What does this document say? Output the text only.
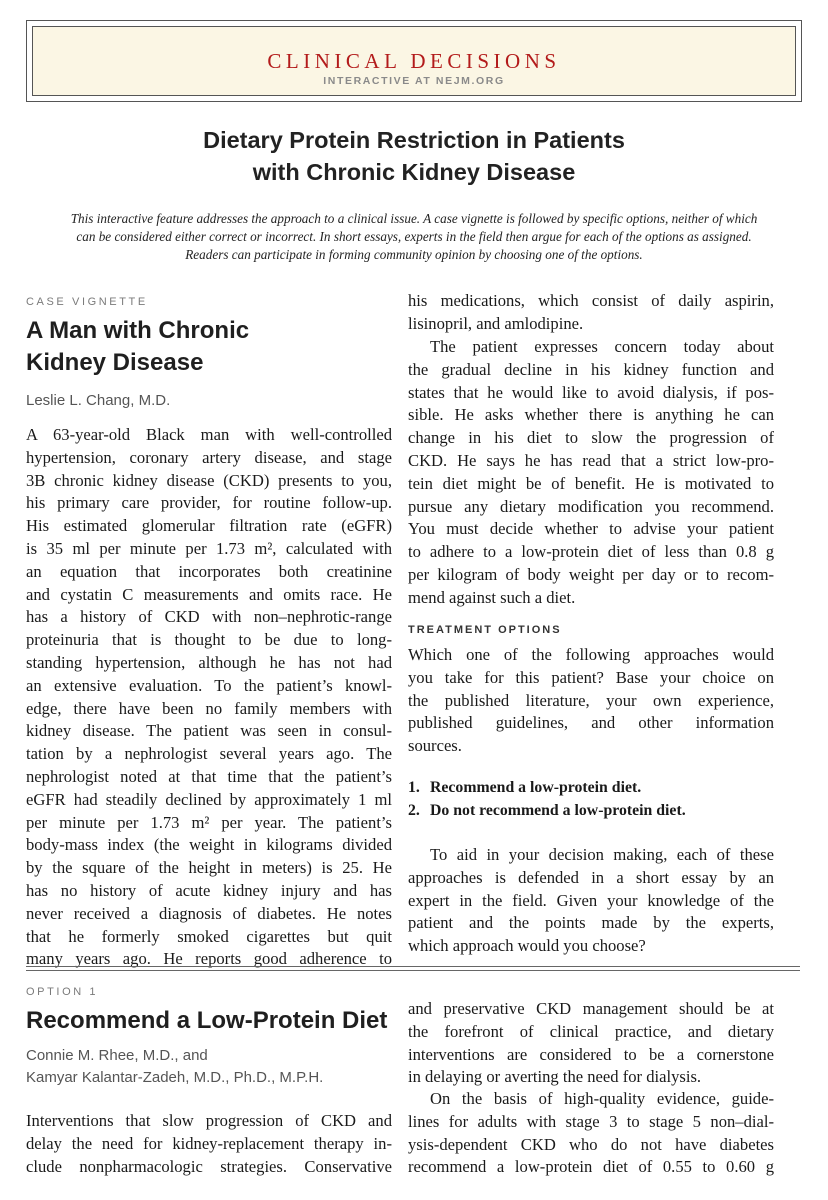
CLINICAL DECISIONS
INTERACTIVE AT NEJM.ORG
Dietary Protein Restriction in Patients
with Chronic Kidney Disease

This interactive feature addresses the approach to a clinical issue. A case vignette is followed by specific options, neither of which
can be considered either correct or incorrect. In short essays, experts in the field then argue for each of the options as assigned.
Readers can participate in forming community opinion by choosing one of the options.

CASE VIGNETTE
A Man with Chronic
Kidney Disease

Leslie L. Chang, M.D.

A 63-year-old Black man with well-controlled
hypertension, coronary artery disease, and stage
3B chronic kidney disease (CKD) presents to you,
his primary care provider, for routine follow-up.
His estimated glomerular filtration rate (eGFR)
is 35 ml per minute per 1.73 m², calculated with
an equation that incorporates both creatinine
and cystatin C measurements and omits race. He
has a history of CKD with non–nephrotic-range
proteinuria that is thought to be due to long-
standing hypertension, although he has not had
an extensive evaluation. To the patient’s knowl-
edge, there have been no family members with
kidney disease. The patient was seen in consul-
tation by a nephrologist several years ago. The
nephrologist noted at that time that the patient’s
eGFR had steadily declined by approximately 1 ml
per minute per 1.73 m² per year. The patient’s
body-mass index (the weight in kilograms divided
by the square of the height in meters) is 25. He
has no history of acute kidney injury and has
never received a diagnosis of diabetes. He notes
that he formerly smoked cigarettes but quit
many years ago. He reports good adherence to
his medications, which consist of daily aspirin,
lisinopril, and amlodipine.
The patient expresses concern today about
the gradual decline in his kidney function and
states that he would like to avoid dialysis, if pos-
sible. He asks whether there is anything he can
change in his diet to slow the progression of
CKD. He says he has read that a strict low-pro-
tein diet might be of benefit. He is motivated to
pursue any dietary modification you recommend.
You must decide whether to advise your patient
to adhere to a low-protein diet of less than 0.8 g
per kilogram of body weight per day or to recom-
mend against such a diet.
TREATMENT OPTIONS
Which one of the following approaches would
you take for this patient? Base your choice on
the published literature, your own experience,
published guidelines, and other information
sources.
1. Recommend a low-protein diet.
2. Do not recommend a low-protein diet.
To aid in your decision making, each of these
approaches is defended in a short essay by an
expert in the field. Given your knowledge of the
patient and the points made by the experts,
which approach would you choose?
OPTION 1
Recommend a Low-Protein Diet

Connie M. Rhee, M.D., and
Kamyar Kalantar-Zadeh, M.D., Ph.D., M.P.H.

Interventions that slow progression of CKD and
delay the need for kidney-replacement therapy in-
clude nonpharmacologic strategies. Conservative
and preservative CKD management should be at
the forefront of clinical practice, and dietary
interventions are considered to be a cornerstone
in delaying or averting the need for dialysis.
On the basis of high-quality evidence, guide-
lines for adults with stage 3 to stage 5 non–dial-
ysis-dependent CKD who do not have diabetes
recommend a low-protein diet of 0.55 to 0.60 g
